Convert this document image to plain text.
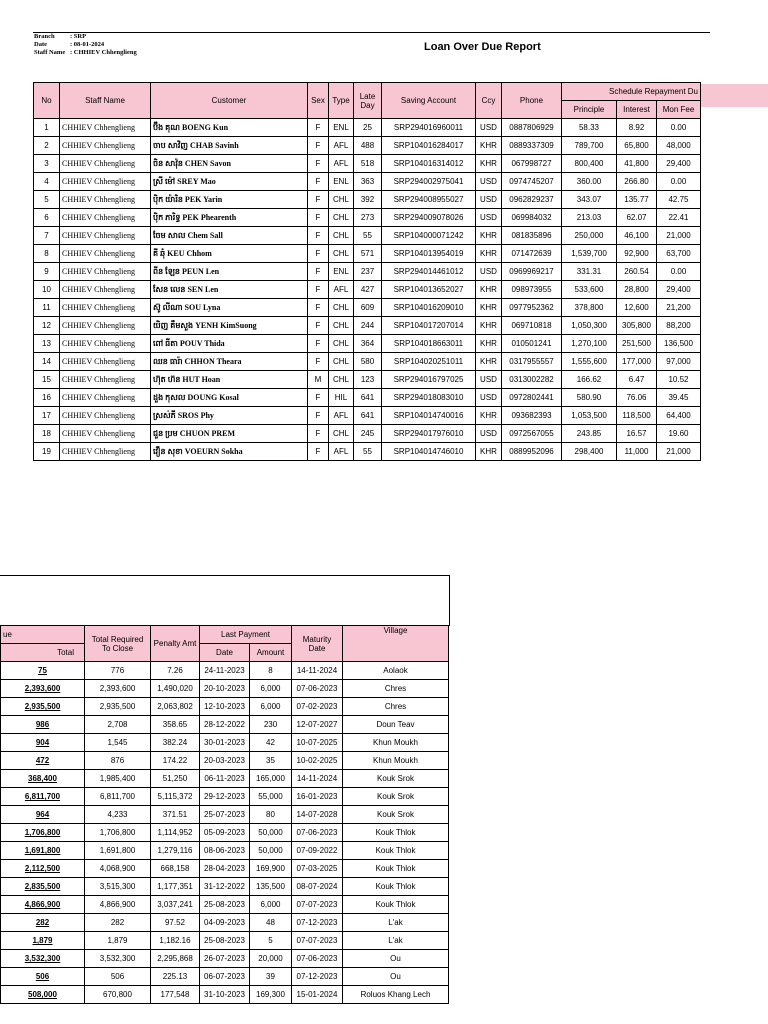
Branch	: SRP
Date	: 08-01-2024
Staff Name : CHHIEV Chhenglieng	Loan Over Due Report
No	Staff Name	Customer	Sex	Type	Late Day	Saving Account	Ccy	Phone	Schedule Repayment Du		
									Principle	Interest	Mon Fee
1	CHHIEV Chhenglieng	ប៊ឹង គុណ BOENG Kun	F	ENL	25	SRP294016960011	USD	0887806929	58.33	8.92	0.00
2	CHHIEV Chhenglieng	ចាប សាវិញ CHAB Savinh	F	AFL	488	SRP104016284017	KHR	0889337309	789,700	65,800	48,000
3	CHHIEV Chhenglieng	ចិន សាវ៉ុន CHEN Savon	F	AFL	518	SRP104016314012	KHR	067998727	800,400	41,800	29,400
4	CHHIEV Chhenglieng	ស្រី ម៉ៅ SREY Mao	F	ENL	363	SRP294002975041	USD	0974745207	360.00	266.80	0.00
5	CHHIEV Chhenglieng	ប៉ិក យ៉ារិន PEK Yarin	F	CHL	392	SRP294008955027	USD	0962829237	343.07	135.77	42.75
6	CHHIEV Chhenglieng	ប៉ិក ភារិទ្ធ PEK Phearenth	F	CHL	273	SRP294009078026	USD	069984032	213.03	62.07	22.41
7	CHHIEV Chhenglieng	ចែម សាល Chem Sall	F	CHL	55	SRP104000071242	KHR	081835896	250,000	46,100	21,000
8	CHHIEV Chhenglieng	គី ឆុំ KEU Chhom	F	CHL	571	SRP104013954019	KHR	071472639	1,539,700	92,900	63,700
9	CHHIEV Chhenglieng	ពីន ឡែន PEUN Len	F	ENL	237	SRP294014461012	USD	0969969217	331.31	260.54	0.00
10	CHHIEV Chhenglieng	សែន លេន SEN Len	F	AFL	427	SRP104013652027	KHR	098973955	533,600	28,800	29,400
11	CHHIEV Chhenglieng	ស៊ូ លីណា SOU Lyna	F	CHL	609	SRP104016209010	KHR	0977952362	378,800	12,600	21,200
12	CHHIEV Chhenglieng	យិញ គឹមសួង YENH KimSuong	F	CHL	244	SRP104017207014	KHR	069710818	1,050,300	305,800	88,200
13	CHHIEV Chhenglieng	ពៅ ធីតា POUV Thida	F	CHL	364	SRP104018663011	KHR	010501241	1,270,100	251,500	136,500
14	CHHIEV Chhenglieng	ឈន ធារ៉ា CHHON Theara	F	CHL	580	SRP104020251011	KHR	0317955557	1,555,600	177,000	97,000
15	CHHIEV Chhenglieng	ហ៊ុត ហ៊ន HUT Hoan	M	CHL	123	SRP294016797025	USD	0313002282	166.62	6.47	10.52
16	CHHIEV Chhenglieng	ដួង កុសល DOUNG Kosal	F	HIL	641	SRP294018083010	USD	0972802441	580.90	76.06	39.45
17	CHHIEV Chhenglieng	ស្រស់ភី SROS Phy	F	AFL	641	SRP104014740016	KHR	093682393	1,053,500	118,500	64,400
18	CHHIEV Chhenglieng	ជួន ប្រម CHUON PREM	F	CHL	245	SRP294017976010	USD	0972567055	243.85	16.57	19.60
19	CHHIEV Chhenglieng	វឿន សុខា VOEURN Sokha	F	AFL	55	SRP104014746010	KHR	0889952096	298,400	11,000	21,000
ue	Total Required To Close	Penalty Amt	Last Payment		Maturity Date	Village
Total			Date	Amount		
75	776	7.26	24-11-2023	8	14-11-2024	Aolaok
2,393,600	2,393,600	1,490,020	20-10-2023	6,000	07-06-2023	Chres
2,935,500	2,935,500	2,063,802	12-10-2023	6,000	07-02-2023	Chres
986	2,708	358.65	28-12-2022	230	12-07-2027	Doun Teav
904	1,545	382.24	30-01-2023	42	10-07-2025	Khun Moukh
472	876	174.22	20-03-2023	35	10-02-2025	Khun Moukh
368,400	1,985,400	51,250	06-11-2023	165,000	14-11-2024	Kouk Srok
6,811,700	6,811,700	5,115,372	29-12-2023	55,000	16-01-2023	Kouk Srok
964	4,233	371.51	25-07-2023	80	14-07-2028	Kouk Srok
1,706,800	1,706,800	1,114,952	05-09-2023	50,000	07-06-2023	Kouk Thlok
1,691,800	1,691,800	1,279,116	08-06-2023	50,000	07-09-2022	Kouk Thlok
2,112,500	4,068,900	668,158	28-04-2023	169,900	07-03-2025	Kouk Thlok
2,835,500	3,515,300	1,177,351	31-12-2022	135,500	08-07-2024	Kouk Thlok
4,866,900	4,866,900	3,037,241	25-08-2023	6,000	07-07-2023	Kouk Thlok
282	282	97.52	04-09-2023	48	07-12-2023	L'ak
1,879	1,879	1,182.16	25-08-2023	5	07-07-2023	L'ak
3,532,300	3,532,300	2,295,868	26-07-2023	20,000	07-06-2023	Ou
506	506	225.13	06-07-2023	39	07-12-2023	Ou
508,000	670,800	177,548	31-10-2023	169,300	15-01-2024	Roluos Khang Lech
